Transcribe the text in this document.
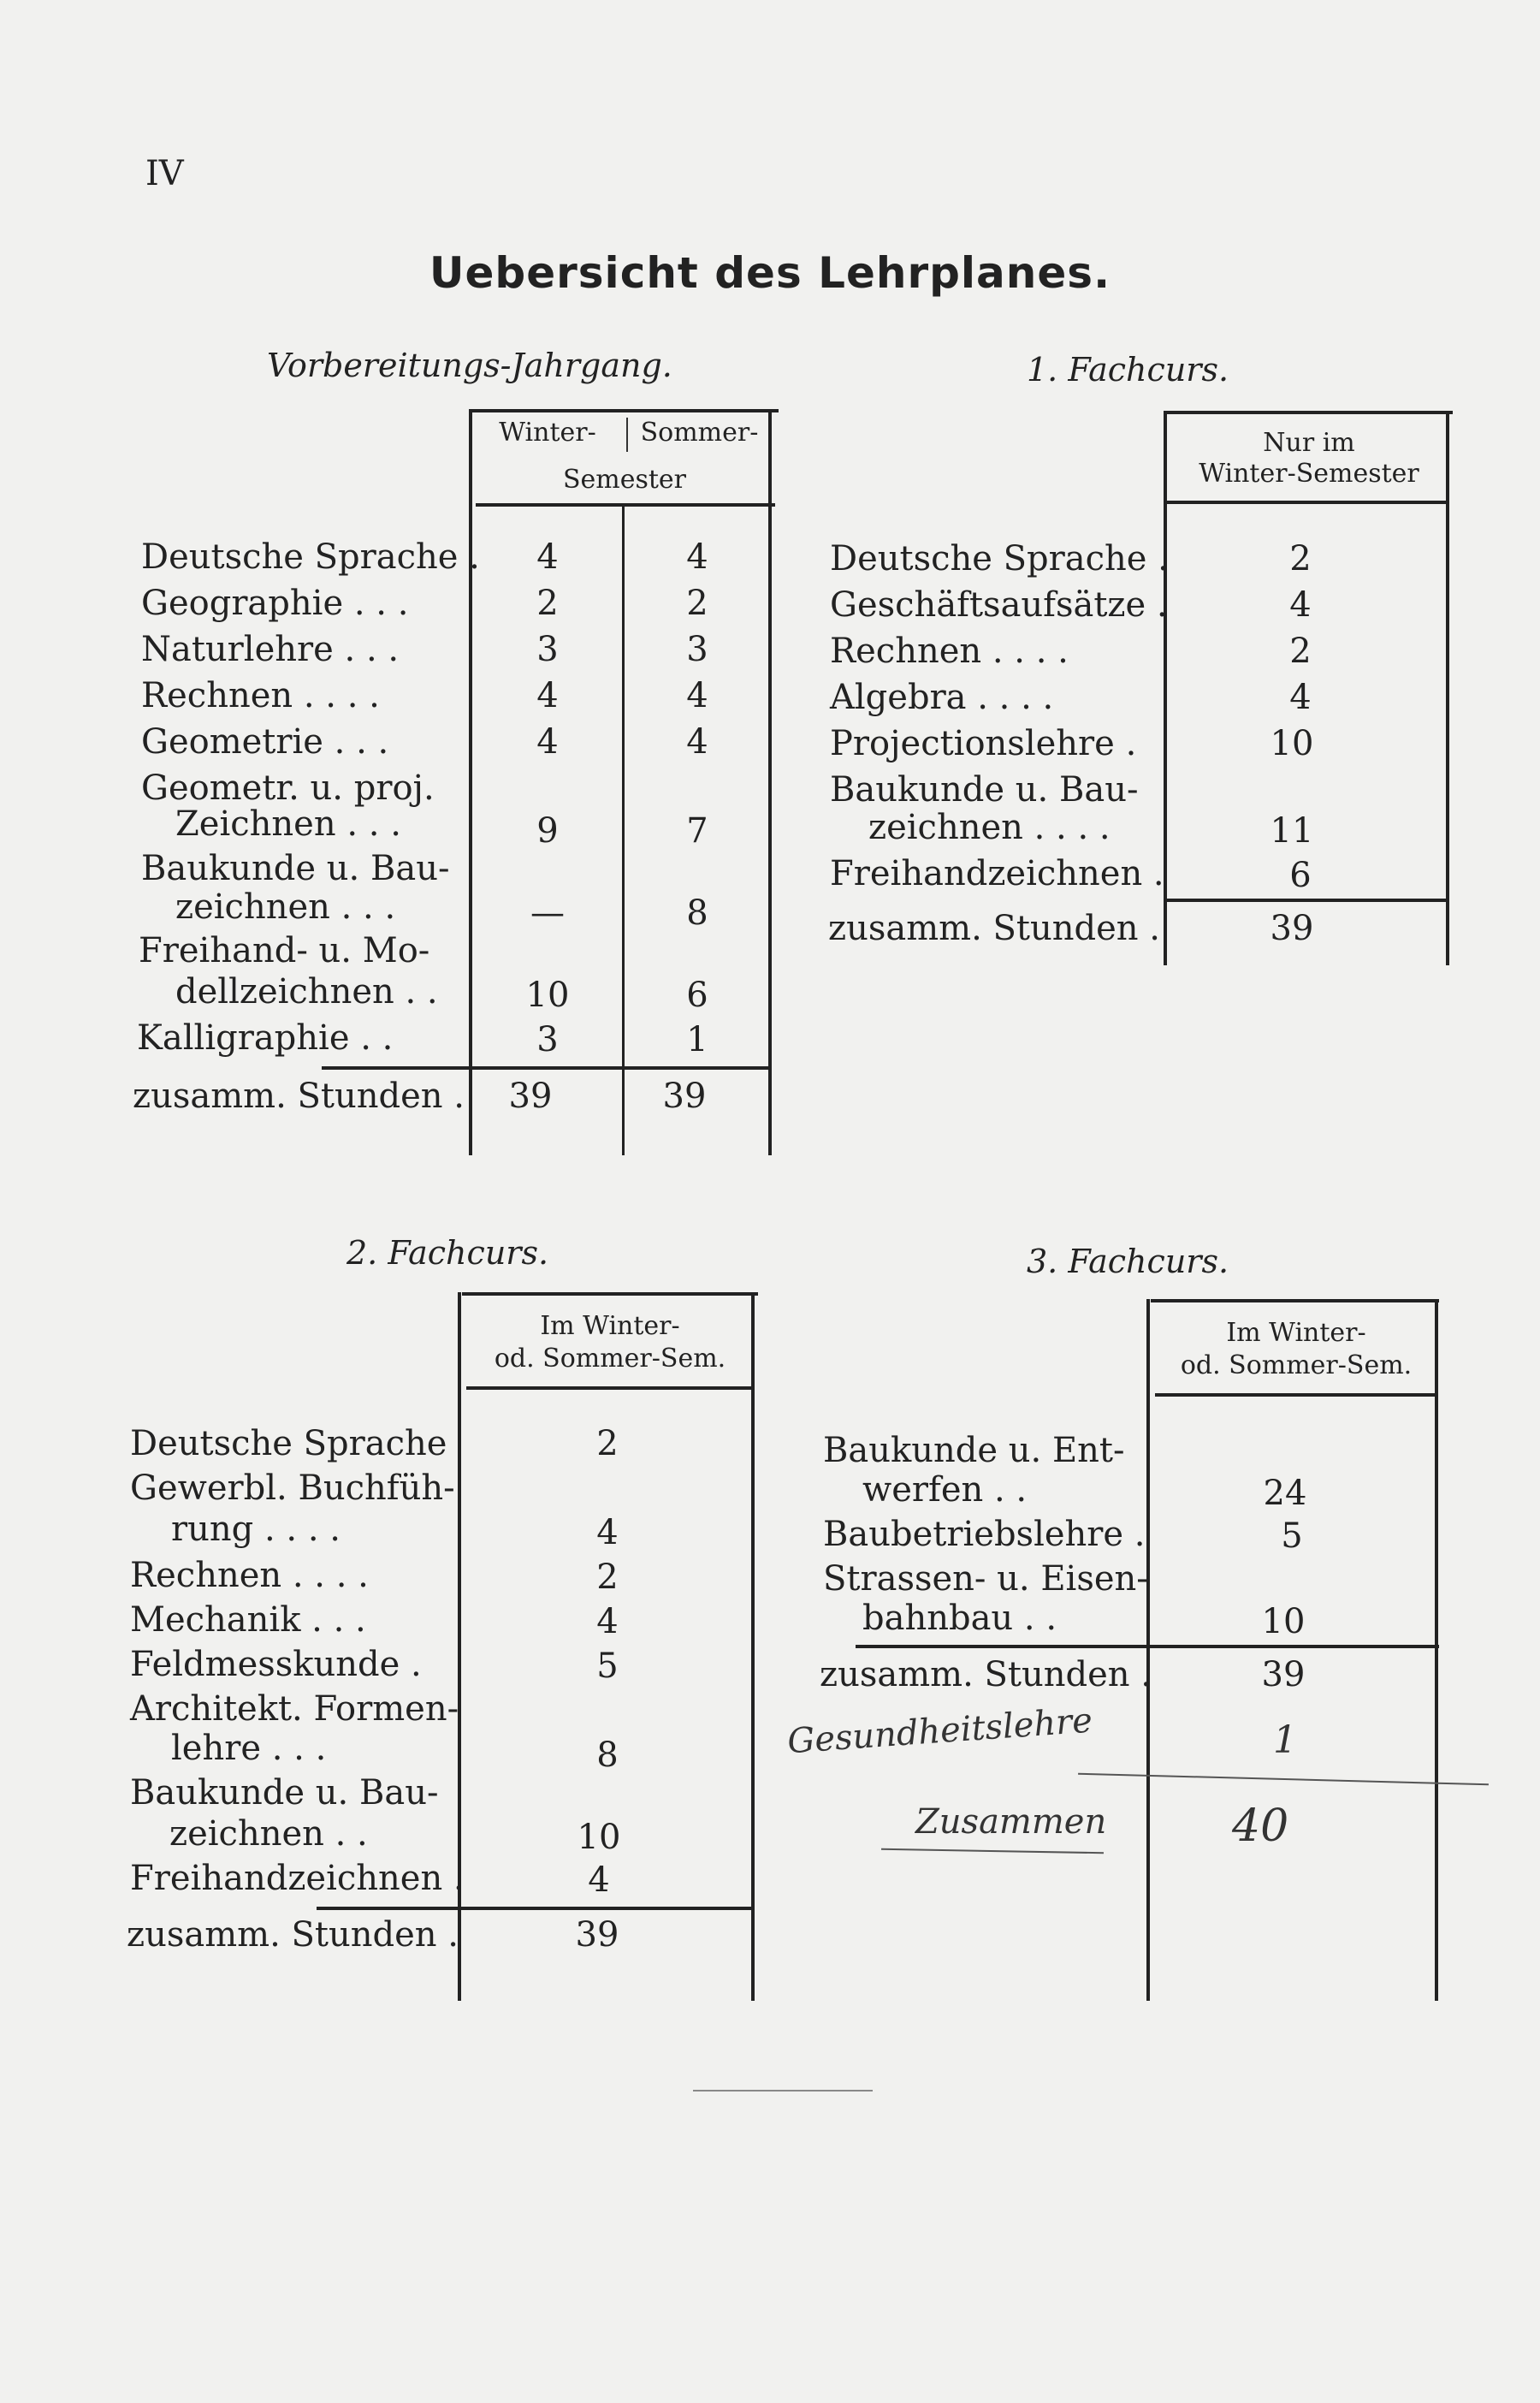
IV
Uebersicht des Lehrplanes.
Vorbereitungs-Jahrgang.
Winter-	Sommer-
Semester
Deutsche Sprache .	4	4
Geographie . . .	2	2
Naturlehre . . .	3	3
Rechnen . . . .	4	4
Geometrie . . .	4	4
Geometr. u. proj.
Zeichnen . . .	9	7
Baukunde u. Bau-
zeichnen . . .	—	8
Freihand- u. Mo-
dellzeichnen . .	10	6
Kalligraphie . .	3	1
zusamm. Stunden .	39	39
1. Fachcurs.
Nur im
Winter-Semester
Deutsche Sprache .	2
Geschäftsaufsätze .	4
Rechnen . . . .	2
Algebra . . . .	4
Projectionslehre .	10
Baukunde u. Bau-
zeichnen . . . .	11
Freihandzeichnen .	6
zusamm. Stunden .	39
2. Fachcurs.
Im Winter-
od. Sommer-Sem.
Deutsche Sprache	2
Gewerbl. Buchfüh-
rung . . . .	4
Rechnen . . . .	2
Mechanik . . .	4
Feldmesskunde .	5
Architekt. Formen-
lehre . . .	8
Baukunde u. Bau-
zeichnen . .	10
Freihandzeichnen .	4
zusamm. Stunden .	39
3. Fachcurs.
Im Winter-
od. Sommer-Sem.
Baukunde u. Ent-
werfen . .	24
Baubetriebslehre .	5
Strassen- u. Eisen-
bahnbau . .	10
zusamm. Stunden .	39
Gesundheitslehre	1
Zusammen	40
